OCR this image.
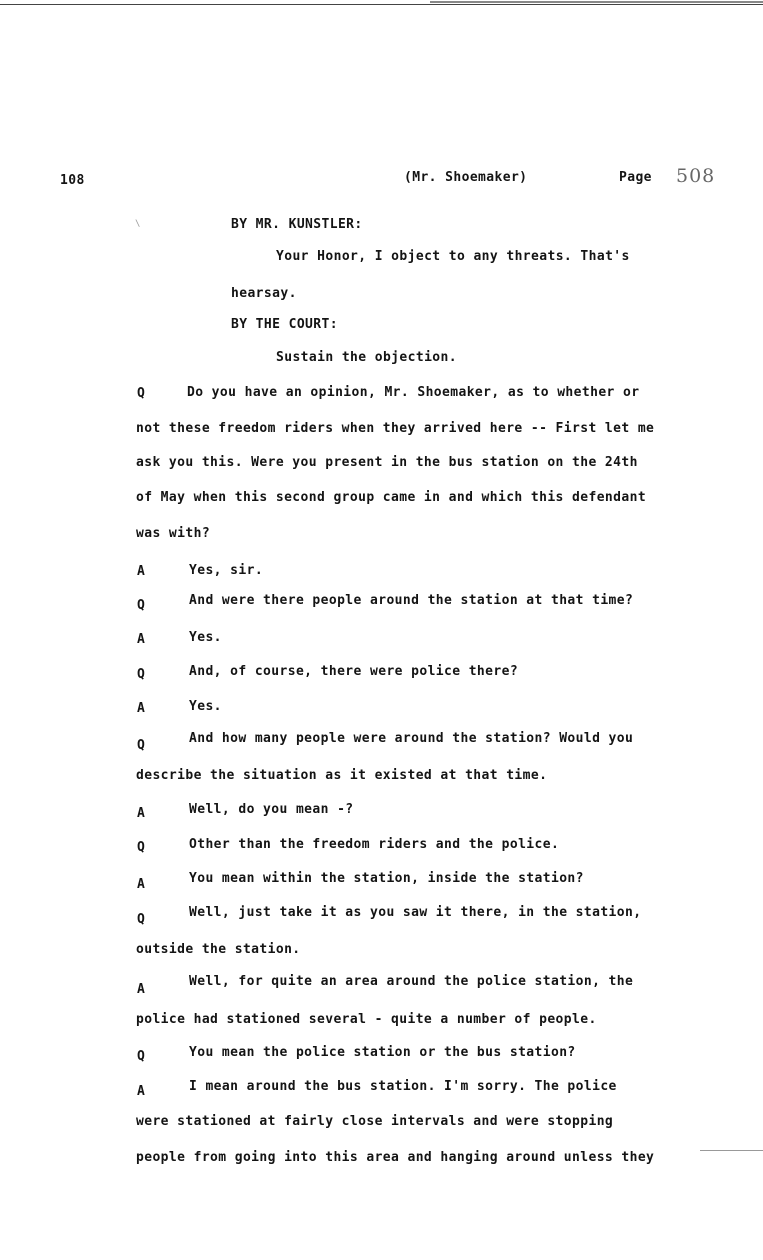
108	(Mr. Shoemaker)	Page 508
\	BY MR. KUNSTLER:
Your Honor, I object to any threats. That's
hearsay.
BY THE COURT:
Sustain the objection.
Q	Do you have an opinion, Mr. Shoemaker, as to whether or
not these freedom riders when they arrived here -- First let me
ask you this. Were you present in the bus station on the 24th
of May when this second group came in and which this defendant
was with?
A	Yes, sir.
Q	And were there people around the station at that time?
A	Yes.
Q	And, of course, there were police there?
A	Yes.
Q	And how many people were around the station? Would you
describe the situation as it existed at that time.
A	Well, do you mean -?
Q	Other than the freedom riders and the police.
A	You mean within the station, inside the station?
Q	Well, just take it as you saw it there, in the station,
outside the station.
A
Well, for quite an area around the police station, the
police had stationed several - quite a number of people.
Q	You mean the police station or the bus station?
A	I mean around the bus station. I'm sorry. The police
were stationed at fairly close intervals and were stopping
people from going into this area and hanging around unless they
